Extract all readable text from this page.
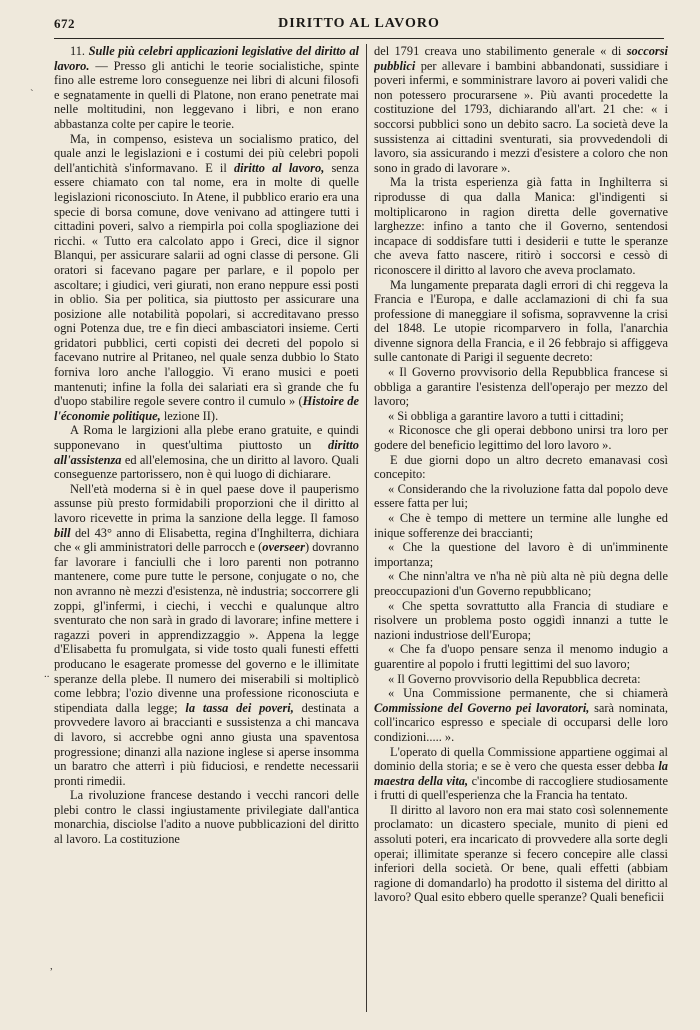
672	DIRITTO AL LAVORO
`
..
,

11. Sulle più celebri applicazioni legislative del diritto al lavoro. — Presso gli antichi le teorie socialistiche, spinte fino alle estreme loro conseguenze nei libri di alcuni filosofi e segnatamente in quelli di Platone, non erano penetrate mai nelle moltitudini, non leggevano i libri, e non erano abbastanza colte per capire le teorie.

Ma, in compenso, esisteva un socialismo pratico, del quale anzi le legislazioni e i costumi dei più celebri popoli dell'antichità s'informavano. E il diritto al lavoro, senza essere chiamato con tal nome, era in molte di quelle legislazioni riconosciuto. In Atene, il pubblico erario era una specie di borsa comune, dove venivano ad attingere tutti i cittadini poveri, salvo a riempirla poi colla spogliazione dei ricchi. « Tutto era calcolato appo i Greci, dice il signor Blanqui, per assicurare salarii ad ogni classe di persone. Gli oratori si facevano pagare per parlare, e il popolo per ascoltare; i giudici, veri giurati, non erano neppure essi posti in oblio. Sia per politica, sia piuttosto per assicurare una posizione alle notabilità popolari, si accreditavano presso ogni Potenza due, tre e fin dieci ambasciatori insieme. Certi gridatori pubblici, certi copisti dei decreti del popolo si facevano nutrire al Pritaneo, nel quale senza dubbio lo Stato forniva loro anche l'alloggio. Vi erano musici e poeti mantenuti; infine la folla dei salariati era sì grande che fu d'uopo stabilire regole severe contro il cumulo » (Histoire de l'économie politique, lezione II).

A Roma le largizioni alla plebe erano gratuite, e quindi supponevano in quest'ultima piuttosto un diritto all'assistenza ed all'elemosina, che un diritto al lavoro. Quali conseguenze partorissero, non è qui luogo di dichiarare.

Nell'età moderna si è in quel paese dove il pauperismo assunse più presto formidabili proporzioni che il diritto al lavoro ricevette in prima la sanzione della legge. Il famoso bill del 43° anno di Elisabetta, regina d'Inghilterra, dichiara che « gli amministratori delle parrocch e (overseer) dovranno far lavorare i fanciulli che i loro parenti non potranno mantenere, come pure tutte le persone, conjugate o no, che non avranno nè mezzi d'esistenza, nè industria; soccorrere gli zoppi, gl'infermi, i ciechi, i vecchi e qualunque altro sventurato che non sarà in grado di lavorare; infine mettere i ragazzi poveri in apprendizzaggio ». Appena la legge d'Elisabetta fu promulgata, si vide tosto quali funesti effetti producano le esagerate promesse del governo e le illimitate speranze della plebe. Il numero dei miserabili si moltiplicò come lebbra; l'ozio divenne una professione riconosciuta e stipendiata dalla legge; la tassa dei poveri, destinata a provvedere lavoro ai braccianti e sussistenza a chi mancava di lavoro, si accrebbe ogni anno giusta una spaventosa progressione; dinanzi alla nazione inglese si aperse insomma un baratro che atterrì i più fiduciosi, e rendette necessarii pronti rimedii.

La rivoluzione francese destando i vecchi rancori delle plebi contro le classi ingiustamente privilegiate dall'antica monarchia, disciolse l'adito a nuove pubblicazioni del diritto al lavoro. La costituzione

del 1791 creava uno stabilimento generale « di soccorsi pubblici per allevare i bambini abbandonati, sussidiare i poveri infermi, e somministrare lavoro ai poveri validi che non potessero procurarsene ». Più avanti procedette la costituzione del 1793, dichiarando all'art. 21 che: « i soccorsi pubblici sono un debito sacro. La società deve la sussistenza ai cittadini sventurati, sia provvedendoli di lavoro, sia assicurando i mezzi d'esistere a coloro che non sono in grado di lavorare ».

Ma la trista esperienza già fatta in Inghilterra si riprodusse di qua dalla Manica: gl'indigenti si moltiplicarono in ragion diretta delle governative larghezze: infino a tanto che il Governo, sentendosi incapace di soddisfare tutti i desiderii e tutte le speranze che aveva fatto nascere, ritirò i soccorsi e cessò di riconoscere il diritto al lavoro che aveva proclamato.

Ma lungamente preparata dagli errori di chi reggeva la Francia e l'Europa, e dalle acclamazioni di chi fa sua professione di maneggiare il sofisma, sopravvenne la crisi del 1848. Le utopie ricomparvero in folla, l'anarchia divenne signora della Francia, e il 26 febbrajo si affiggeva sulle cantonate di Parigi il seguente decreto:

« Il Governo provvisorio della Repubblica francese si obbliga a garantire l'esistenza dell'operajo per mezzo del lavoro;

« Si obbliga a garantire lavoro a tutti i cittadini;

« Riconosce che gli operai debbono unirsi tra loro per godere del beneficio legittimo del loro lavoro ».

E due giorni dopo un altro decreto emanavasi così concepito:

« Considerando che la rivoluzione fatta dal popolo deve essere fatta per lui;

« Che è tempo di mettere un termine alle lunghe ed inique sofferenze dei braccianti;

« Che la questione del lavoro è di un'imminente importanza;

« Che ninn'altra ve n'ha nè più alta nè più degna delle preoccupazioni d'un Governo repubblicano;

« Che spetta sovrattutto alla Francia di studiare e risolvere un problema posto oggidì innanzi a tutte le nazioni industriose dell'Europa;

« Che fa d'uopo pensare senza il menomo indugio a guarentire al popolo i frutti legittimi del suo lavoro;

« Il Governo provvisorio della Repubblica decreta:

« Una Commissione permanente, che si chiamerà Commissione del Governo pei lavoratori, sarà nominata, coll'incarico espresso e speciale di occuparsi delle loro condizioni..... ».

L'operato di quella Commissione appartiene oggimai al dominio della storia; e se è vero che questa esser debba la maestra della vita, c'incombe di raccogliere studiosamente i frutti di quell'esperienza che la Francia ha tentato.

Il diritto al lavoro non era mai stato così solennemente proclamato: un dicastero speciale, munito di pieni ed assoluti poteri, era incaricato di provvedere alla sorte degli operai; illimitate speranze si fecero concepire alle classi inferiori della società. Or bene, quali effetti (abbiam ragione di domandarlo) ha prodotto il sistema del diritto al lavoro? Qual esito ebbero quelle speranze? Quali beneficii
